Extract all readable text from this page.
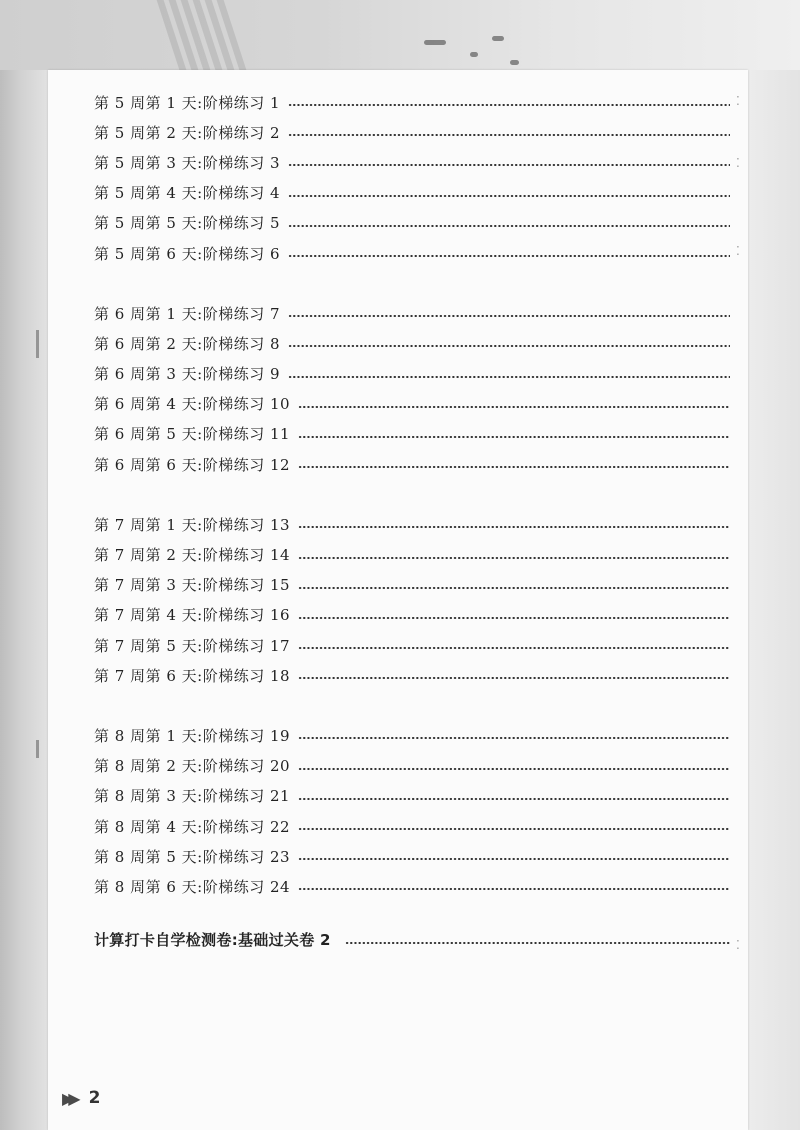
⁚
⁚
⁚
⁚
第 5 周第 1 天:阶梯练习 1
第 5 周第 2 天:阶梯练习 2
第 5 周第 3 天:阶梯练习 3
第 5 周第 4 天:阶梯练习 4
第 5 周第 5 天:阶梯练习 5
第 5 周第 6 天:阶梯练习 6
第 6 周第 1 天:阶梯练习 7
第 6 周第 2 天:阶梯练习 8
第 6 周第 3 天:阶梯练习 9
第 6 周第 4 天:阶梯练习 10
第 6 周第 5 天:阶梯练习 11
第 6 周第 6 天:阶梯练习 12
第 7 周第 1 天:阶梯练习 13
第 7 周第 2 天:阶梯练习 14
第 7 周第 3 天:阶梯练习 15
第 7 周第 4 天:阶梯练习 16
第 7 周第 5 天:阶梯练习 17
第 7 周第 6 天:阶梯练习 18
第 8 周第 1 天:阶梯练习 19
第 8 周第 2 天:阶梯练习 20
第 8 周第 3 天:阶梯练习 21
第 8 周第 4 天:阶梯练习 22
第 8 周第 5 天:阶梯练习 23
第 8 周第 6 天:阶梯练习 24
计算打卡自学检测卷:基础过关卷 2
▶▶ 2
